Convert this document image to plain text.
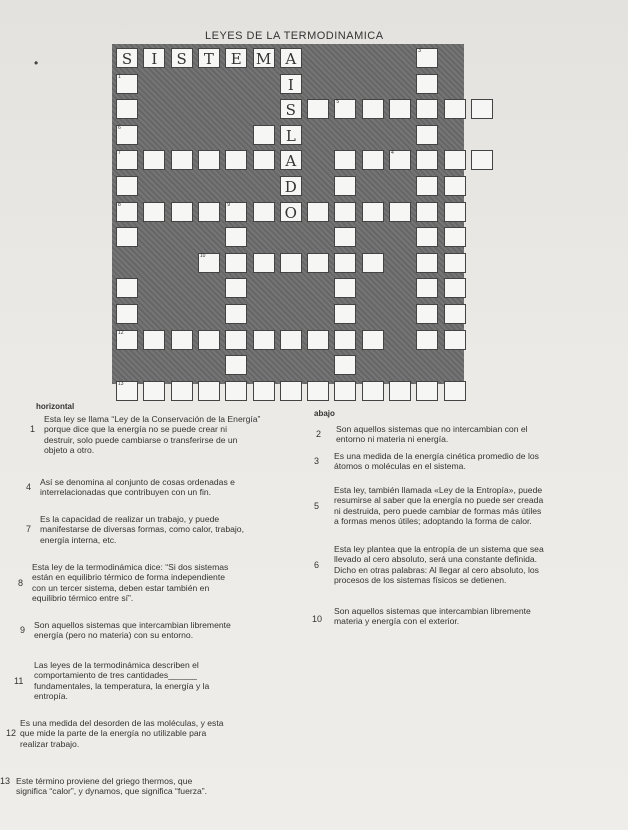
LEYES DE LA TERMODINAMICA
•	S	I	S	T	E M A	3
I
S
L
A
D
O
5
6
7	4
8	9
10
12
13
1
horizontal
abajo
1
Esta ley se llama “Ley de la Conservación de la Energía”
porque dice que la energía no se puede crear ni
destruir, solo puede cambiarse o transferirse de un
objeto a otro.
4 Así se denomina al conjunto de cosas ordenadas e
interrelacionadas que contribuyen con un fin.
7
Es la capacidad de realizar un trabajo, y puede
manifestarse de diversas formas, como calor, trabajo,
energía interna, etc.
8
Esta ley de la termodinámica dice: “Si dos sistemas
están en equilibrio térmico de forma independiente
con un tercer sistema, deben estar también en
equilibrio térmico entre sí”.
9 Son aquellos sistemas que intercambian libremente
energía (pero no materia) con su entorno.
11
Las leyes de la termodinámica describen el
comportamiento de tres cantidades______
fundamentales, la temperatura, la energía y la
entropía.
12
Es una medida del desorden de las moléculas, y esta
que mide la parte de la energía no utilizable para
realizar trabajo.
13 Este término proviene del griego thermos, que
significa “calor”, y dynamos, que significa “fuerza”.
2 Son aquellos sistemas que no intercambian con el
entorno ni materia ni energía.
3 Es una medida de la energía cinética promedio de los
átomos o moléculas en el sistema.
5
Esta ley, también llamada «Ley de la Entropía», puede
resumirse al saber que la energía no puede ser creada
ni destruida, pero puede cambiar de formas más útiles
a formas menos útiles; adoptando la forma de calor.
6
Esta ley plantea que la entropía de un sistema que sea
llevado al cero absoluto, será una constante definida.
Dicho en otras palabras: Al llegar al cero absoluto, los
procesos de los sistemas físicos se detienen.
10
Son aquellos sistemas que intercambian libremente
materia y energía con el exterior.
